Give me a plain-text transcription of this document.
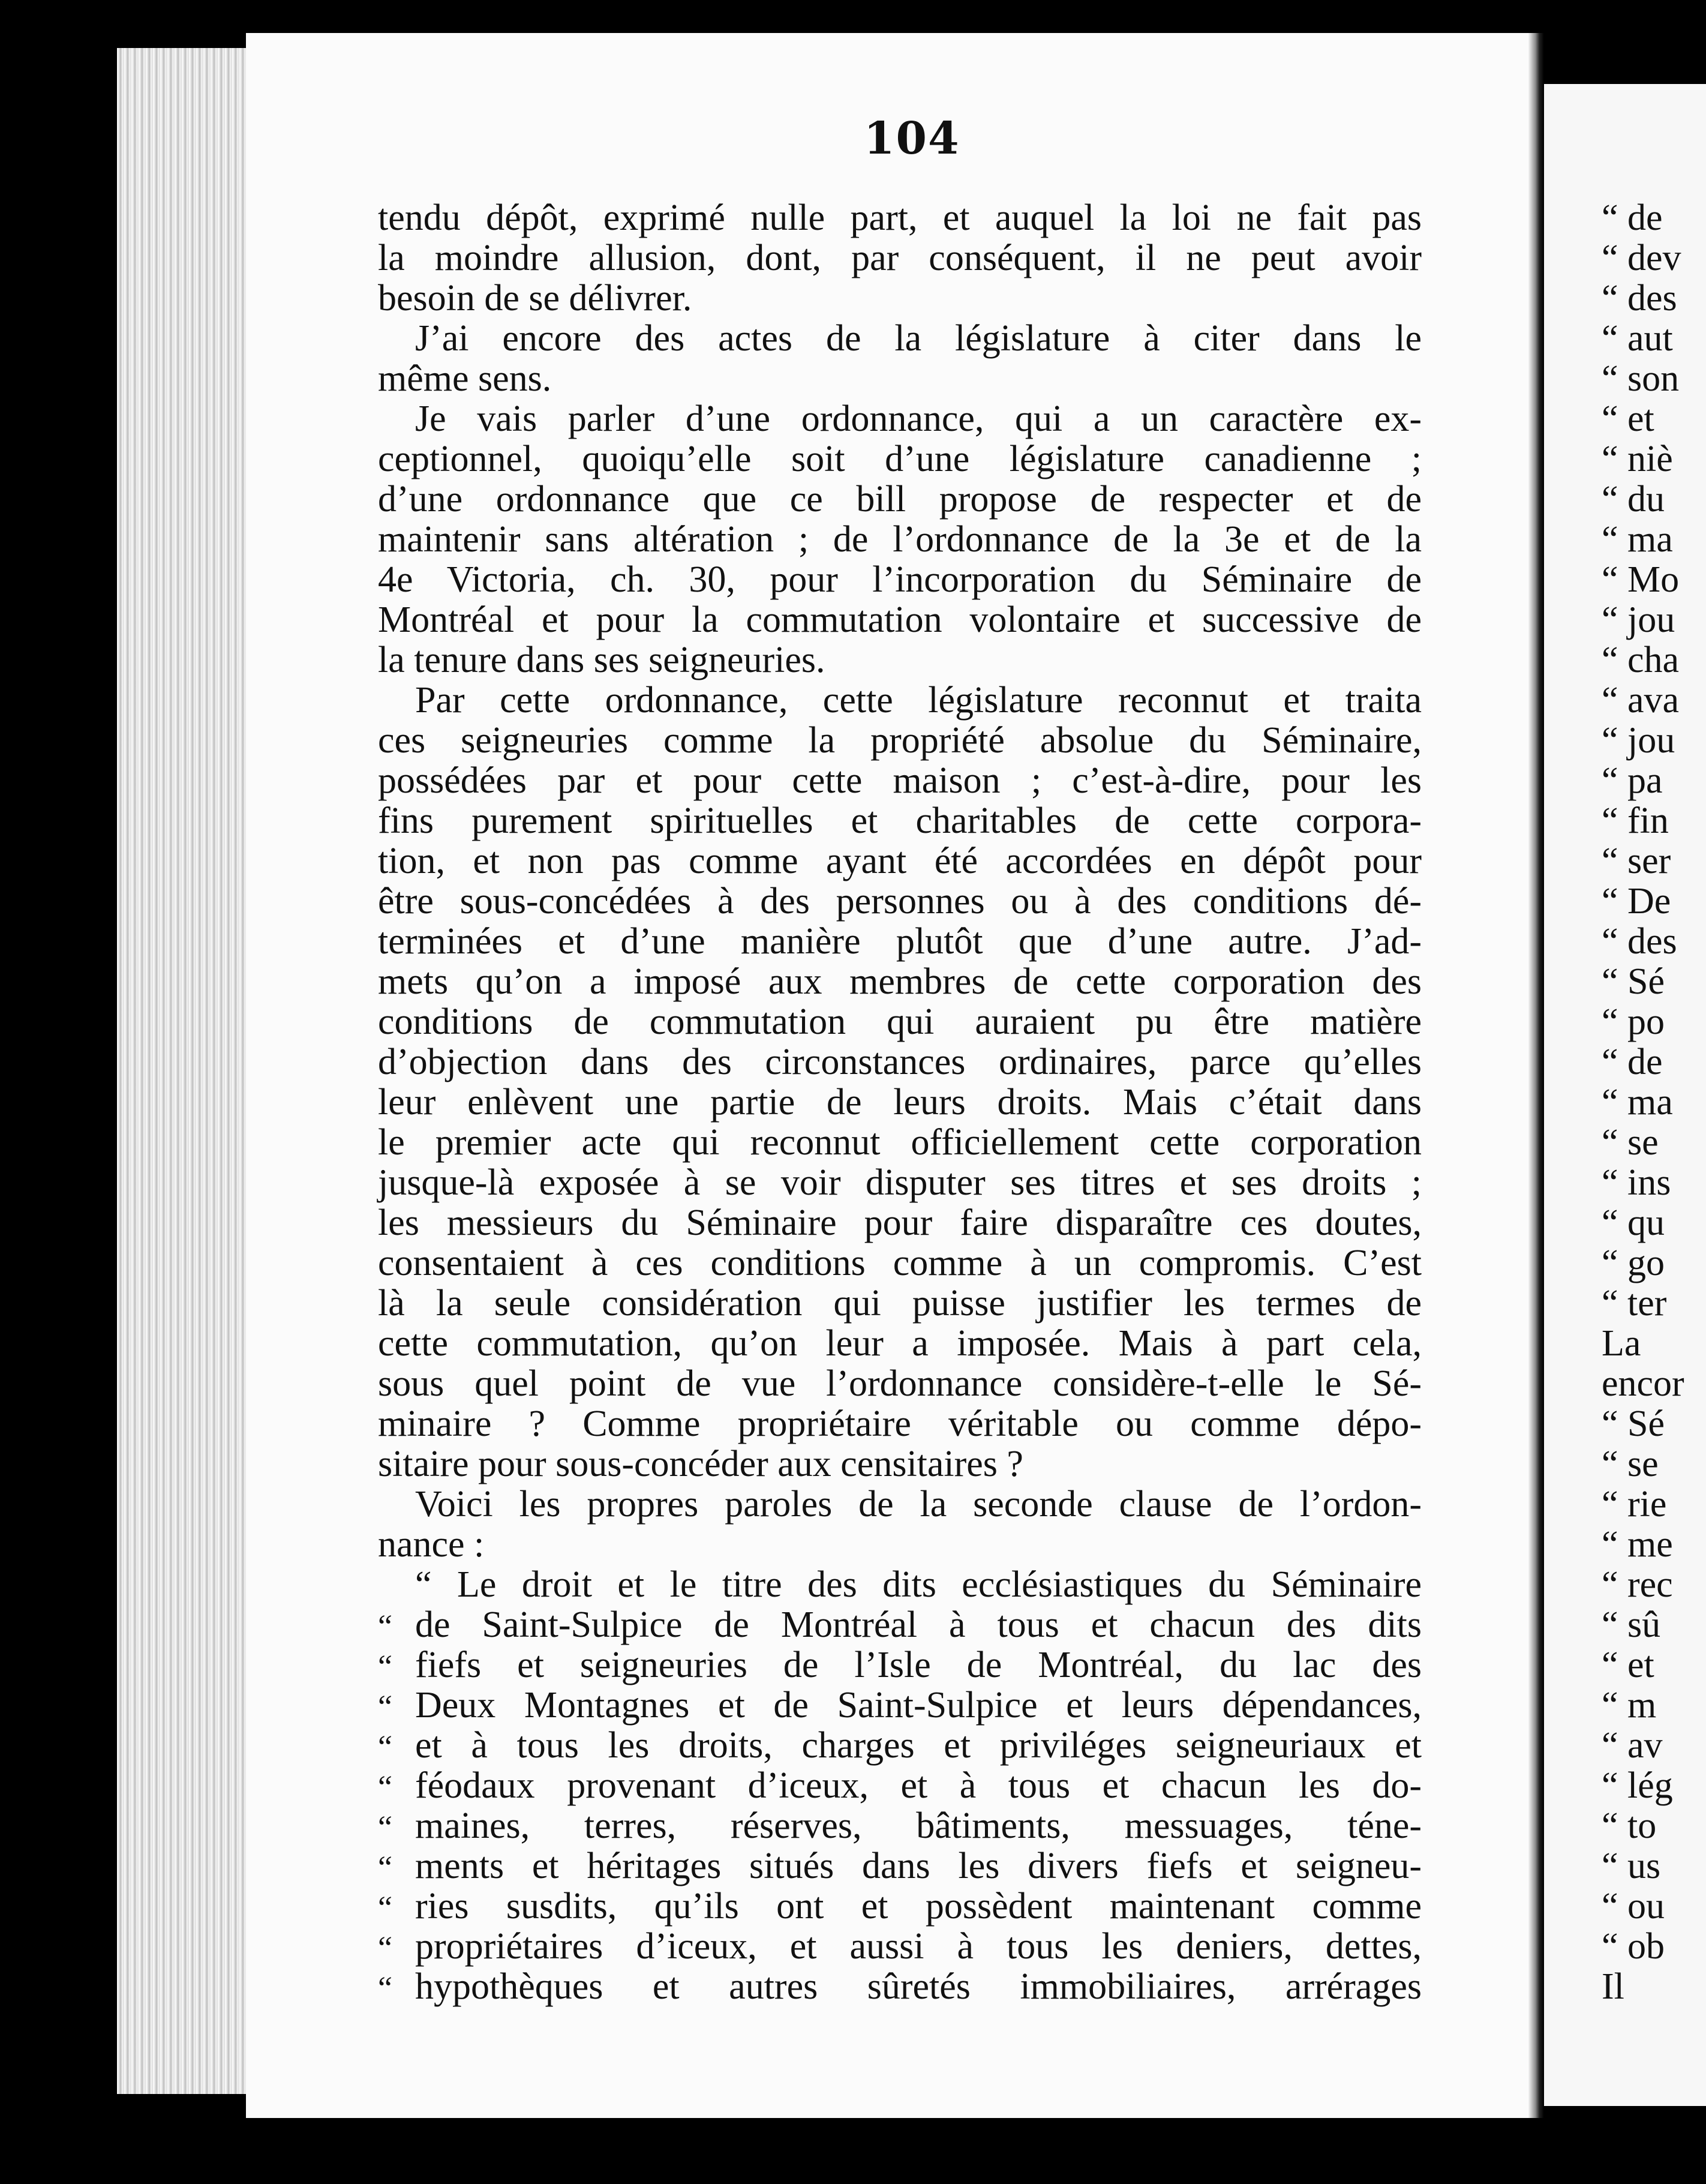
104
tendu dépôt, exprimé nulle part, et auquel la loi ne fait pas
la moindre allusion, dont, par conséquent, il ne peut avoir
besoin de se délivrer.
J’ai encore des actes de la législature à citer dans le
même sens.
Je vais parler d’une ordonnance, qui a un caractère ex-
ceptionnel, quoiqu’elle soit d’une législature canadienne ;
d’une ordonnance que ce bill propose de respecter et de
maintenir sans altération ; de l’ordonnance de la 3e et de la
4e Victoria, ch. 30, pour l’incorporation du Séminaire de
Montréal et pour la commutation volontaire et successive de
la tenure dans ses seigneuries.
Par cette ordonnance, cette législature reconnut et traita
ces seigneuries comme la propriété absolue du Séminaire,
possédées par et pour cette maison ; c’est-à-dire, pour les
fins purement spirituelles et charitables de cette corpora-
tion, et non pas comme ayant été accordées en dépôt pour
être sous-concédées à des personnes ou à des conditions dé-
terminées et d’une manière plutôt que d’une autre. J’ad-
mets qu’on a imposé aux membres de cette corporation des
conditions de commutation qui auraient pu être matière
d’objection dans des circonstances ordinaires, parce qu’elles
leur enlèvent une partie de leurs droits. Mais c’était dans
le premier acte qui reconnut officiellement cette corporation
jusque-là exposée à se voir disputer ses titres et ses droits ;
les messieurs du Séminaire pour faire disparaître ces doutes,
consentaient à ces conditions comme à un compromis. C’est
là la seule considération qui puisse justifier les termes de
cette commutation, qu’on leur a imposée. Mais à part cela,
sous quel point de vue l’ordonnance considère-t-elle le Sé-
minaire ? Comme propriétaire véritable ou comme dépo-
sitaire pour sous-concéder aux censitaires ?
Voici les propres paroles de la seconde clause de l’ordon-
nance :
“ Le droit et le titre des dits ecclésiastiques du Séminaire
“ de Saint-Sulpice de Montréal à tous et chacun des dits
“ fiefs et seigneuries de l’Isle de Montréal, du lac des
“ Deux Montagnes et de Saint-Sulpice et leurs dépendances,
“ et à tous les droits, charges et priviléges seigneuriaux et
“ féodaux provenant d’iceux, et à tous et chacun les do-
“ maines, terres, réserves, bâtiments, messuages, téne-
“ ments et héritages situés dans les divers fiefs et seigneu-
“ ries susdits, qu’ils ont et possèdent maintenant comme
“ propriétaires d’iceux, et aussi à tous les deniers, dettes,
“ hypothèques et autres sûretés immobiliaires, arrérages
“ de
“ dev
“ des
“ aut
“ son
“ et
“ niè
“ du
“ ma
“ Mo
“ jou
“ cha
“ ava
“ jou
“ pa
“ fin
“ ser
“ De
“ des
“ Sé
“ po
“ de
“ ma
“ se
“ ins
“ qu
“ go
“ ter
La
encor
“ Sé
“ se
“ rie
“ me
“ rec
“ sû
“ et
“ m
“ av
“ lég
“ to
“ us
“ ou
“ ob
Il
